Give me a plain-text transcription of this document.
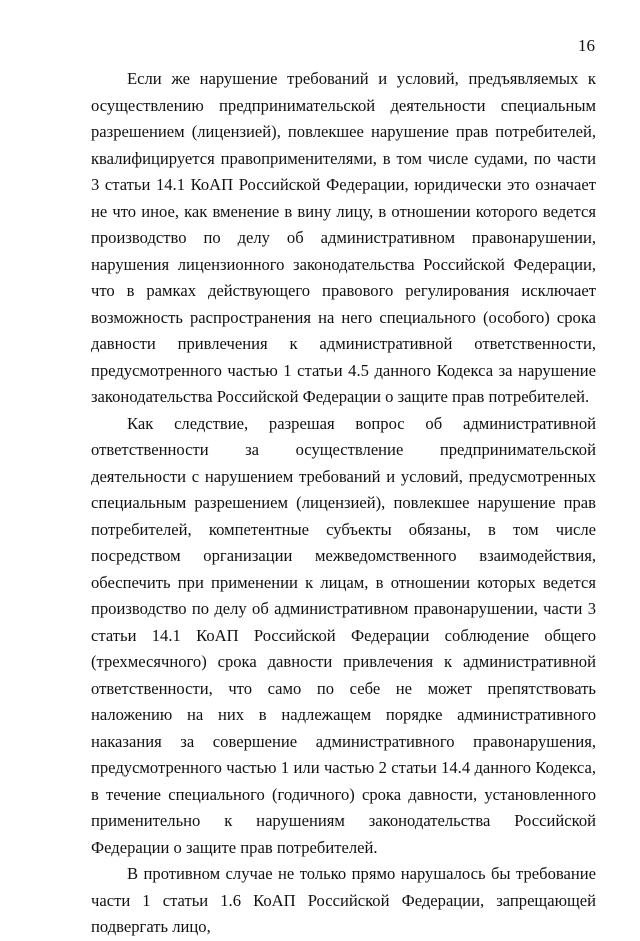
16

Если же нарушение требований и условий, предъявляемых к осуществлению предпринимательской деятельности специальным разрешением (лицензией), повлекшее нарушение прав потребителей, квалифицируется правоприменителями, в том числе судами, по части 3 статьи 14.1 КоАП Российской Федерации, юридически это означает не что иное, как вменение в вину лицу, в отношении которого ведется производство по делу об административном правонарушении, нарушения лицензионного законодательства Российской Федерации, что в рамках действующего правового регулирования исключает возможность распространения на него специального (особого) срока давности привлечения к административной ответственности, предусмотренного частью 1 статьи 4.5 данного Кодекса за нарушение законодательства Российской Федерации о защите прав потребителей.

Как следствие, разрешая вопрос об административной ответственности за осуществление предпринимательской деятельности с нарушением требований и условий, предусмотренных специальным разрешением (лицензией), повлекшее нарушение прав потребителей, компетентные субъекты обязаны, в том числе посредством организации межведомственного взаимодействия, обеспечить при применении к лицам, в отношении которых ведется производство по делу об административном правонарушении, части 3 статьи 14.1 КоАП Российской Федерации соблюдение общего (трехмесячного) срока давности привлечения к административной ответственности, что само по себе не может препятствовать наложению на них в надлежащем порядке административного наказания за совершение административного правонарушения, предусмотренного частью 1 или частью 2 статьи 14.4 данного Кодекса, в течение специального (годичного) срока давности, установленного применительно к нарушениям законодательства Российской Федерации о защите прав потребителей.

В противном случае не только прямо нарушалось бы требование части 1 статьи 1.6 КоАП Российской Федерации, запрещающей подвергать лицо,
